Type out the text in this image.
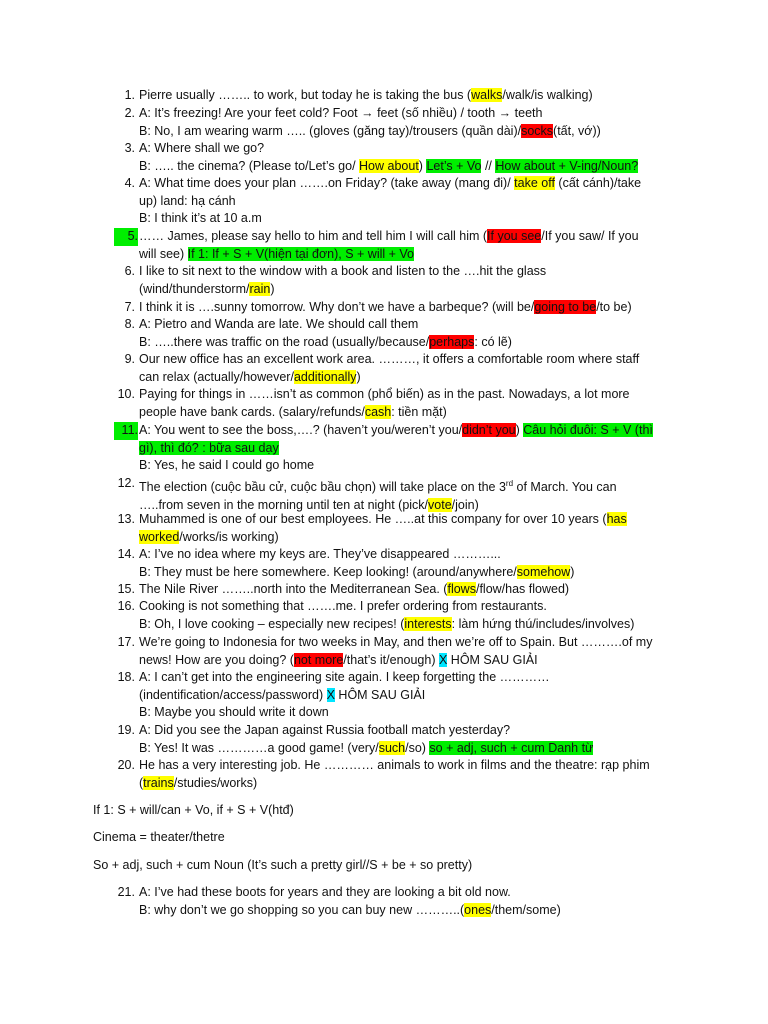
1. Pierre usually …….. to work, but today he is taking the bus (walks/walk/is walking)
2. A: It’s freezing! Are your feet cold? Foot → feet (số nhiều) / tooth → teeth
B: No, I am wearing warm ….. (gloves (găng tay)/trousers (quần dài)/socks(tất, vớ))
3. A: Where shall we go?
B: ….. the cinema? (Please to/Let’s go/ How about) Let’s + Vo // How about + V-ing/Noun?
4. A: What time does your plan …….on Friday? (take away (mang đi)/ take off (cất cánh)/take
up) land: hạ cánh
B: I think it’s at 10 a.m
5. …… James, please say hello to him and tell him I will call him (If you see/If you saw/ If you
will see) If 1: If + S + V(hiện tại đơn), S + will + Vo
6. I like to sit next to the window with a book and listen to the ….hit the glass
(wind/thunderstorm/rain)
7. I think it is ….sunny tomorrow. Why don’t we have a barbeque? (will be/going to be/to be)
8. A: Pietro and Wanda are late. We should call them
B: …..there was traffic on the road (usually/because/perhaps: có lẽ)
9. Our new office has an excellent work area. ………, it offers a comfortable room where staff
can relax (actually/however/additionally)
10. Paying for things in ……isn’t as common (phổ biến) as in the past. Nowadays, a lot more
people have bank cards. (salary/refunds/cash: tiền mặt)
11. A: You went to see the boss,….? (haven’t you/weren’t you/didn’t you) Câu hỏi đuôi: S + V (thì
gì), thì đó? : bữa sau dạy
B: Yes, he said I could go home
12. The election (cuộc bầu cử, cuộc bầu chọn) will take place on the 3rd of March. You can
…..from seven in the morning until ten at night (pick/vote/join)
13. Muhammed is one of our best employees. He …..at this company for over 10 years (has
worked/works/is working)
14. A: I’ve no idea where my keys are. They’ve disappeared ………...
B: They must be here somewhere. Keep looking! (around/anywhere/somehow)
15. The Nile River ……..north into the Mediterranean Sea. (flows/flow/has flowed)
16. Cooking is not something that …….me. I prefer ordering from restaurants.
B: Oh, I love cooking – especially new recipes! (interests: làm hứng thú/includes/involves)
17. We’re going to Indonesia for two weeks in May, and then we’re off to Spain. But ……….of my
news! How are you doing? (not more/that’s it/enough) X HÔM SAU GIẢI
18. A: I can’t get into the engineering site again. I keep forgetting the …………
(indentification/access/password) X HÔM SAU GIẢI
B: Maybe you should write it down
19. A: Did you see the Japan against Russia football match yesterday?
B: Yes! It was …………a good game! (very/such/so) so + adj, such + cum Danh từ
20. He has a very interesting job. He ………… animals to work in films and the theatre: rạp phim
(trains/studies/works)
If 1: S + will/can + Vo, if + S + V(htđ)
Cinema = theater/thetre
So + adj, such + cum Noun (It’s such a pretty girl//S + be + so pretty)
21. A: I’ve had these boots for years and they are looking a bit old now.
B: why don’t we go shopping so you can buy new ………..(ones/them/some)
